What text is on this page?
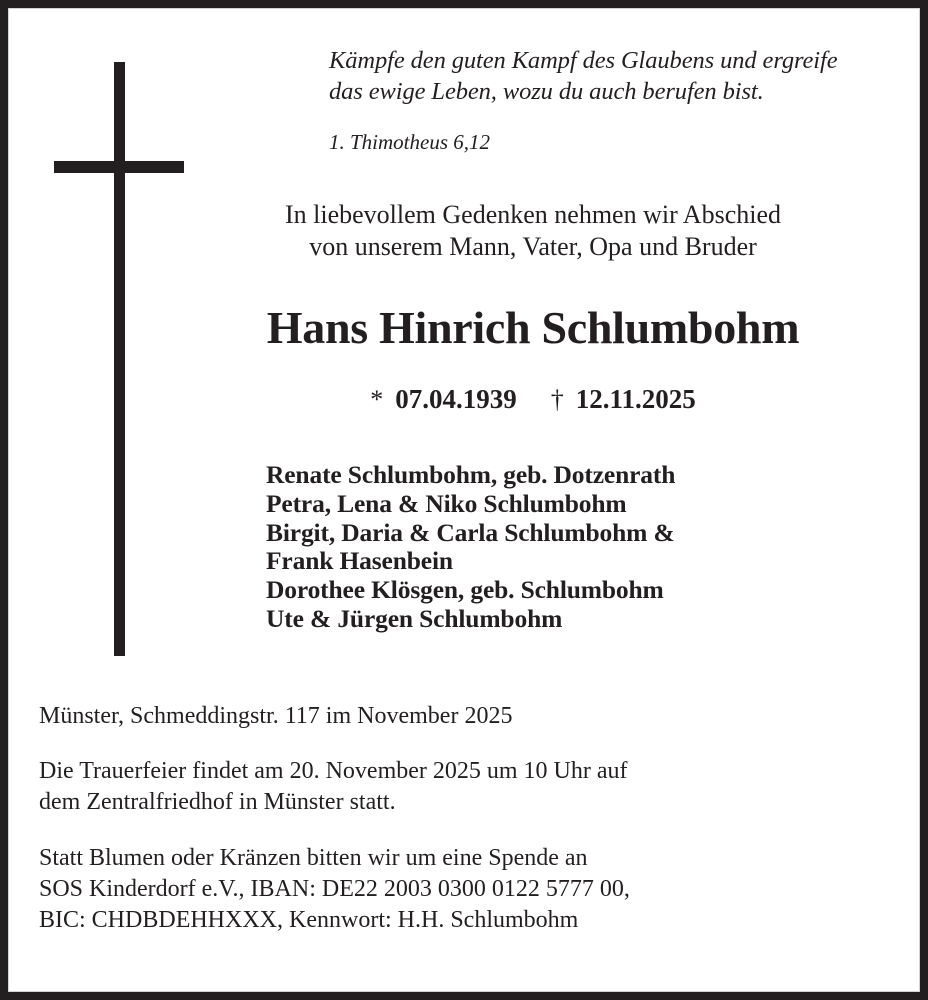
Kämpfe den guten Kampf des Glaubens und ergreife
das ewige Leben, wozu du auch berufen bist.
1. Thimotheus 6,12
In liebevollem Gedenken nehmen wir Abschied
von unserem Mann, Vater, Opa und Bruder
Hans Hinrich Schlumbohm
* 07.04.1939 † 12.11.2025
Renate Schlumbohm, geb. Dotzenrath
Petra, Lena & Niko Schlumbohm
Birgit, Daria & Carla Schlumbohm &
Frank Hasenbein
Dorothee Klösgen, geb. Schlumbohm
Ute & Jürgen Schlumbohm
Münster, Schmeddingstr. 117 im November 2025
Die Trauerfeier findet am 20. November 2025 um 10 Uhr auf
dem Zentralfriedhof in Münster statt.
Statt Blumen oder Kränzen bitten wir um eine Spende an
SOS Kinderdorf e.V., IBAN: DE22 2003 0300 0122 5777 00,
BIC: CHDBDEHHXXX, Kennwort: H.H. Schlumbohm
